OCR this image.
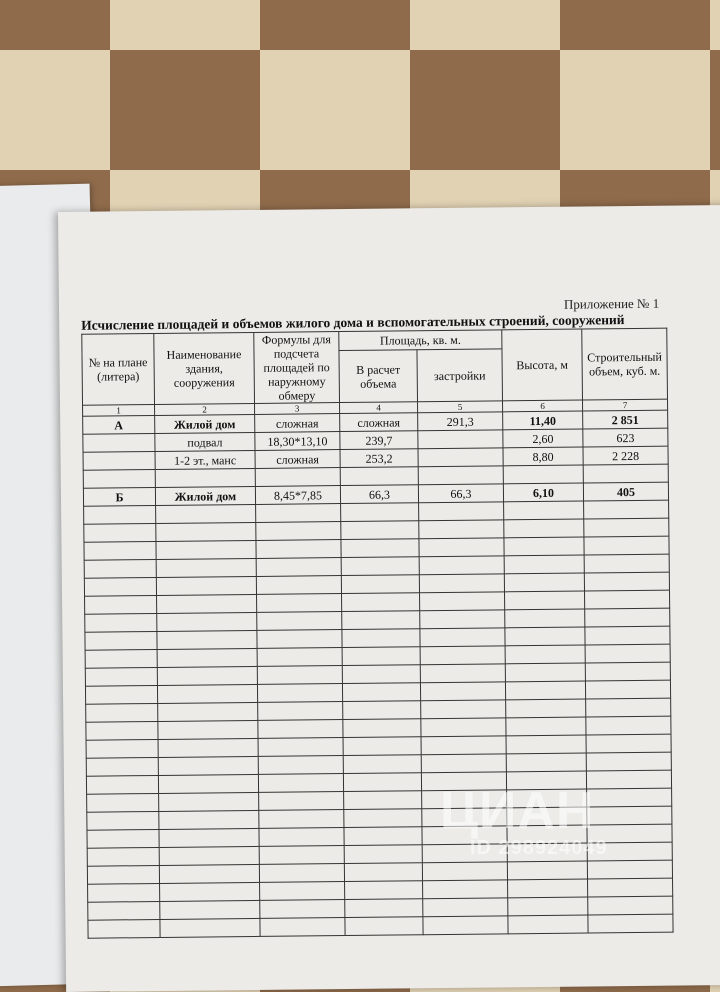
Приложение № 1
Исчисление площадей и объемов жилого дома и вспомогательных строений, сооружений
№ на плане (литера)	Наименование здания, сооружения	Формулы для подсчета площадей по наружному обмеру	Площадь, кв. м.		Высота, м	Строительный объем, куб. м.
			В расчет объема	застройки		
1	2	3	4	5	6	7
А	Жилой дом	сложная	сложная	291,3	11,40	2 851
	подвал	18,30*13,10	239,7		2,60	623
	1-2 эт., манс	сложная	253,2		8,80	2 228

Б	Жилой дом	8,45*7,85	66,3	66,3	6,10	405

ЦИАН
ID 298924049
